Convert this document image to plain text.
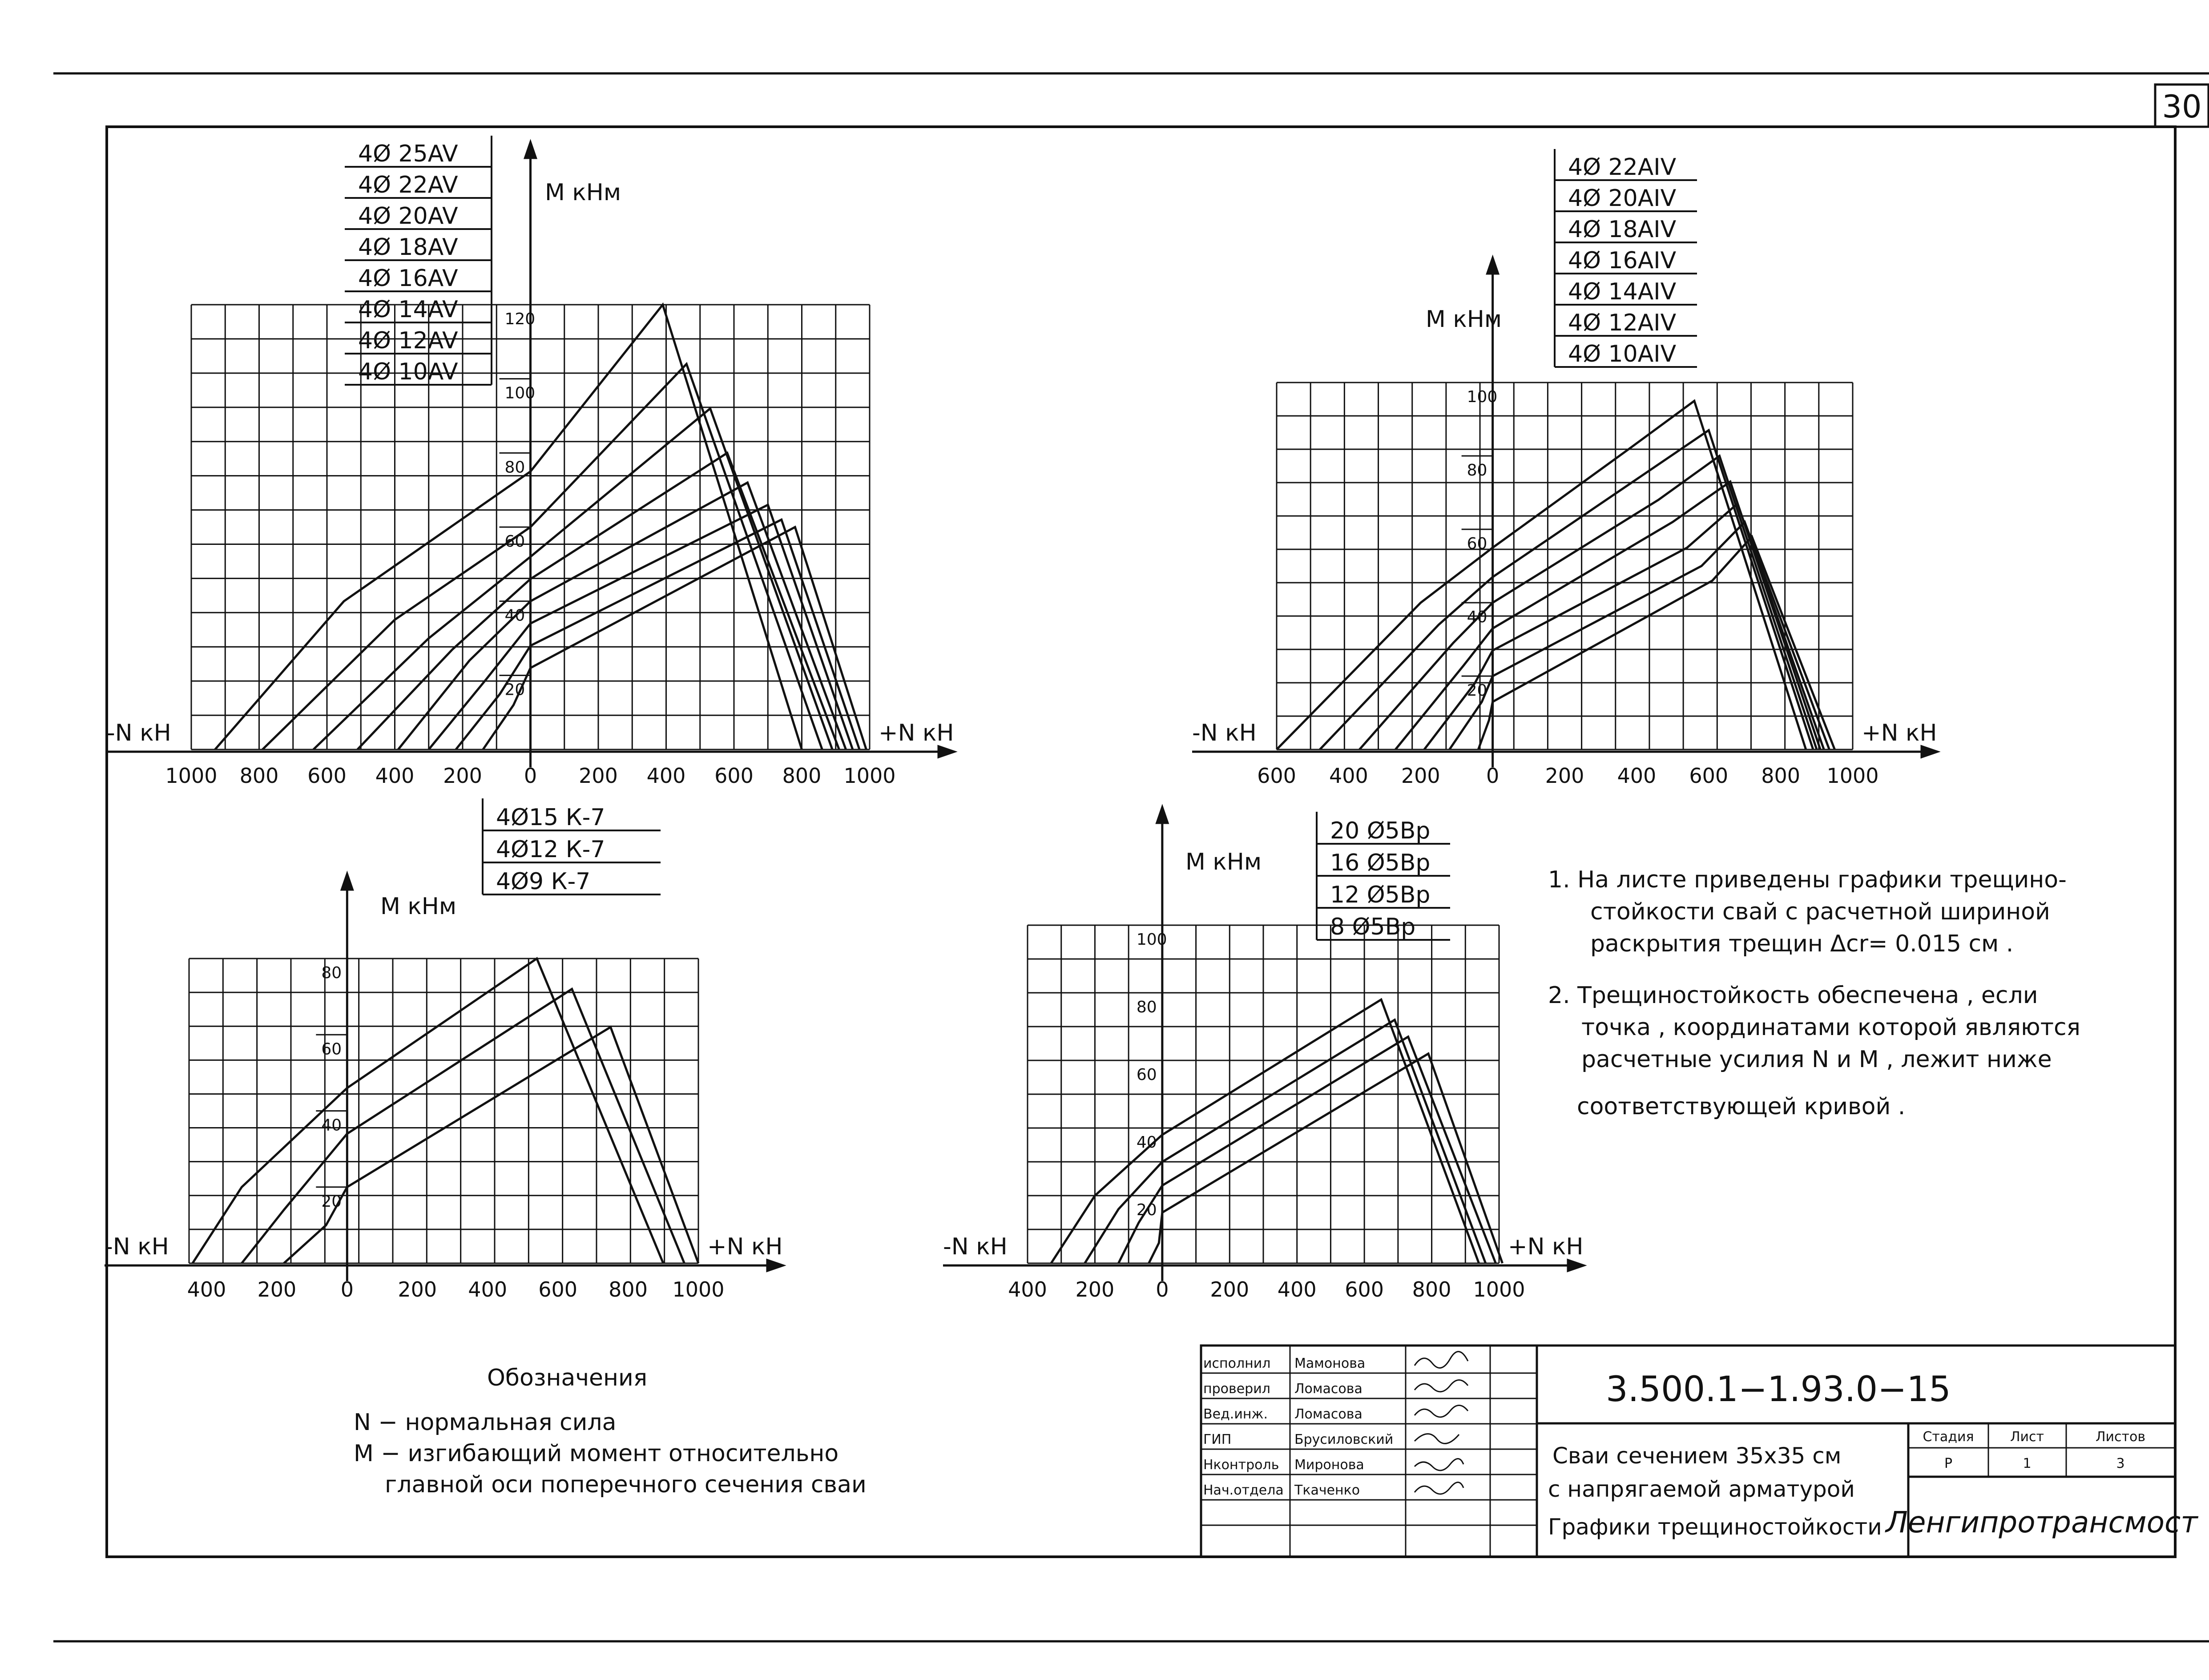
30
М кНм
-N кН	+N кН
1000 800 600 400 200 0 200 400 600 800 1000
20
40
60
80
100
120
4Ø 25AV
4Ø 22AV
4Ø 20AV
4Ø 18AV
4Ø 16AV
4Ø 14AV
4Ø 12AV
4Ø 10AV
М кНм
-N кН	+N кН
600 400 200 0 200 400 600 800 1000
20
40
60
80
100
4Ø 22AIV
4Ø 20AIV
4Ø 18AIV
4Ø 16AIV
4Ø 14AIV
4Ø 12AIV
4Ø 10AIV
М кНм
-N кН	+N кН
400 200 0 200 400 600 800 1000
20
40
60
80
4Ø15 К-7
4Ø12 К-7
4Ø9 К-7
М кНм
-N кН	+N кН
400 200 0 200 400 600 800 1000
20
40
60
80
100
20 Ø5Bp
16 Ø5Bp
12 Ø5Bp
8 Ø5Bp
1. На листе приведены графики трещино-
стойкости свай с расчетной шириной
раскрытия трещин Δcr= 0.015 см .
2. Трещиностойкость обеспечена , если
точка , координатами которой являются
расчетные усилия N и M , лежит ниже
соответствующей кривой .
Обозначения
N − нормальная сила
M − изгибающий момент относительно
главной оси поперечного сечения сваи
исполнил Мамонова
проверил Ломасова
Вед.инж. Ломасова
ГИП	Брусиловский
Нконтроль Миронова
Нач.отдела Ткаченко
3.500.1−1.93.0−15
Сваи сечением 35х35 см
с напрягаемой арматурой
Графики трещиностойкости
Стадия	Лист	Листов
Р	1	3
Ленгипротрансмост
